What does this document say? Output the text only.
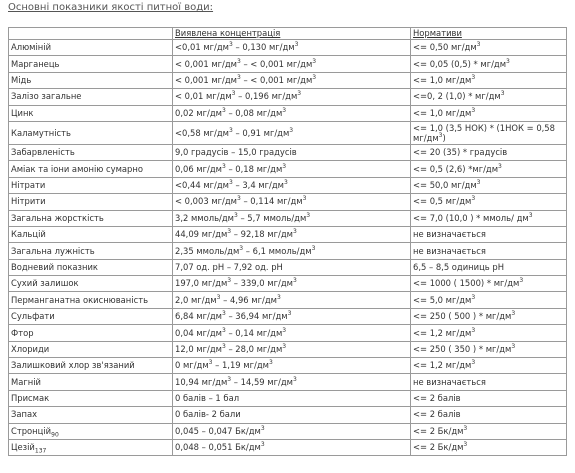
Основні показники якості питної води:
	Виявлена концентрація	Нормативи
Алюміній	<0,01 $мг/дм^3 - 0,130$ $мг/дм^3$	<= 0,50 $мг/дм^3$
Марганець	< 0,001 $мг/дм^3$ – < 0,001 $мг/дм^3$	<= 0,05 $(0,5) * мг/дм^3$
Мідь	< 0,001 $мг/дм^3$ – < 0,001 $мг/дм^3$	<= 1,0 $мг/дм^3$
Залізо загальне	< 0,01 $мг/дм^3 - 0,196$ $мг/дм^3$	<=0, 2 $(1,0) * мг/дм^3$
Цинк	0,02 $мг/дм^3 - 0,08$ $мг/дм^3$	<= 1,0 $мг/дм^3$
Каламутність	<0,58 $мг/дм^3 - 0,91$ $мг/дм^3$	<= 1,0 (3,5 НОК) * (1НОК = 0,58 $мг/дм^3$)
Забарвленість	9,0 градусів – 15,0 градусів	<= 20 (35) * градусів
Аміак та іони амонію сумарно	0,06 $мг/дм^3 - 0,18$ $мг/дм^3$	<= 0,5 (2,6) $*мг/дм^3$
Нітрати	<0,44 $мг/дм^3 - 3,4$ $мг/дм^3$	<= 50,0 $мг/дм^3$
Нітрити	< 0,003 $мг/дм^3 - 0,114$ $мг/дм^3$	<= 0,5 $мг/дм^3$
Загальна жорсткість	3,2 ммоль/$дм^3 - 5,7$ ммоль/$дм^3$	<= 7,0 (10,0 ) * ммоль/ $дм^3$
Кальцій	44,09 $мг/дм^3 - 92,18$ $мг/дм^3$	не визначається
Загальна лужність	2,35 ммоль/$дм^3 - 6,1$ ммоль/$дм^3$	не визначається
Водневий показник	7,07 од. рН – 7,92 од. рН	6,5 – 8,5 одиниць рН
Сухий залишок	197,0 $мг/дм^3 - 339,0$ $мг/дм^3$	<= 1000 ( $1500) * мг/дм^3$
Перманганатна окиснюваність	2,0 $мг/дм^3 - 4,96$ $мг/дм^3$	<= 5,0 $мг/дм^3$
Сульфати	6,84 $мг/дм^3 - 36,94$ $мг/дм^3$	<= 250 ( 500 ) * $мг/дм^3$
Фтор	0,04 $мг/дм^3 - 0,14$ $мг/дм^3$	<= 1,2 $мг/дм^3$
Хлориди	12,0 $мг/дм^3 - 28,0$ $мг/дм^3$	<= 250 ( 350 ) * $мг/дм^3$
Залишковий хлор зв'язаний	0 $мг/дм^3 - 1,19$ $мг/дм^3$	<= 1,2 $мг/дм^3$
Магній	10,94 $мг/дм^3 - 14,59$ $мг/дм^3$	не визначається
Присмак	0 балів – 1 бал	<= 2 балів
Запах	0 балів- 2 бали	<= 2 балів
Стронцій$_{90}$	0,045 – 0,047 $Бк/дм^3$	<= 2 $Бк/дм^3$
Цезій$_{137}$	0,048 – 0,051 $Бк/дм^3$	<= 2 $Бк/дм^3$
